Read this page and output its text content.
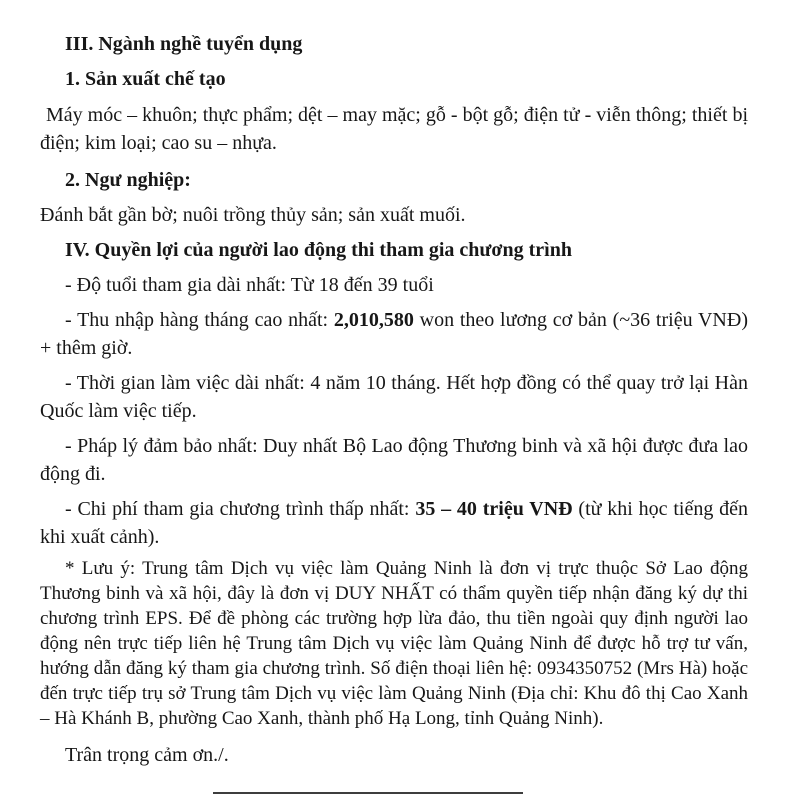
III. Ngành nghề tuyển dụng

1. Sản xuất chế tạo

Máy móc – khuôn; thực phẩm; dệt – may mặc; gỗ - bột gỗ; điện tử - viễn thông; thiết bị điện; kim loại; cao su – nhựa.

2. Ngư nghiệp:

Đánh bắt gần bờ; nuôi trồng thủy sản; sản xuất muối.

IV. Quyền lợi của người lao động thi tham gia chương trình

- Độ tuổi tham gia dài nhất: Từ 18 đến 39 tuổi

- Thu nhập hàng tháng cao nhất: 2,010,580 won theo lương cơ bản (~36 triệu VNĐ) + thêm giờ.

- Thời gian làm việc dài nhất: 4 năm 10 tháng. Hết hợp đồng có thể quay trở lại Hàn Quốc làm việc tiếp.

- Pháp lý đảm bảo nhất: Duy nhất Bộ Lao động Thương binh và xã hội được đưa lao động đi.

- Chi phí tham gia chương trình thấp nhất: 35 – 40 triệu VNĐ (từ khi học tiếng đến khi xuất cảnh).

* Lưu ý: Trung tâm Dịch vụ việc làm Quảng Ninh là đơn vị trực thuộc Sở Lao động Thương binh và xã hội, đây là đơn vị DUY NHẤT có thẩm quyền tiếp nhận đăng ký dự thi chương trình EPS. Để đề phòng các trường hợp lừa đảo, thu tiền ngoài quy định người lao động nên trực tiếp liên hệ Trung tâm Dịch vụ việc làm Quảng Ninh để được hỗ trợ tư vấn, hướng dẫn đăng ký tham gia chương trình. Số điện thoại liên hệ: 0934350752 (Mrs Hà) hoặc đến trực tiếp trụ sở Trung tâm Dịch vụ việc làm Quảng Ninh (Địa chỉ: Khu đô thị Cao Xanh – Hà Khánh B, phường Cao Xanh, thành phố Hạ Long, tỉnh Quảng Ninh).

Trân trọng cảm ơn./.
